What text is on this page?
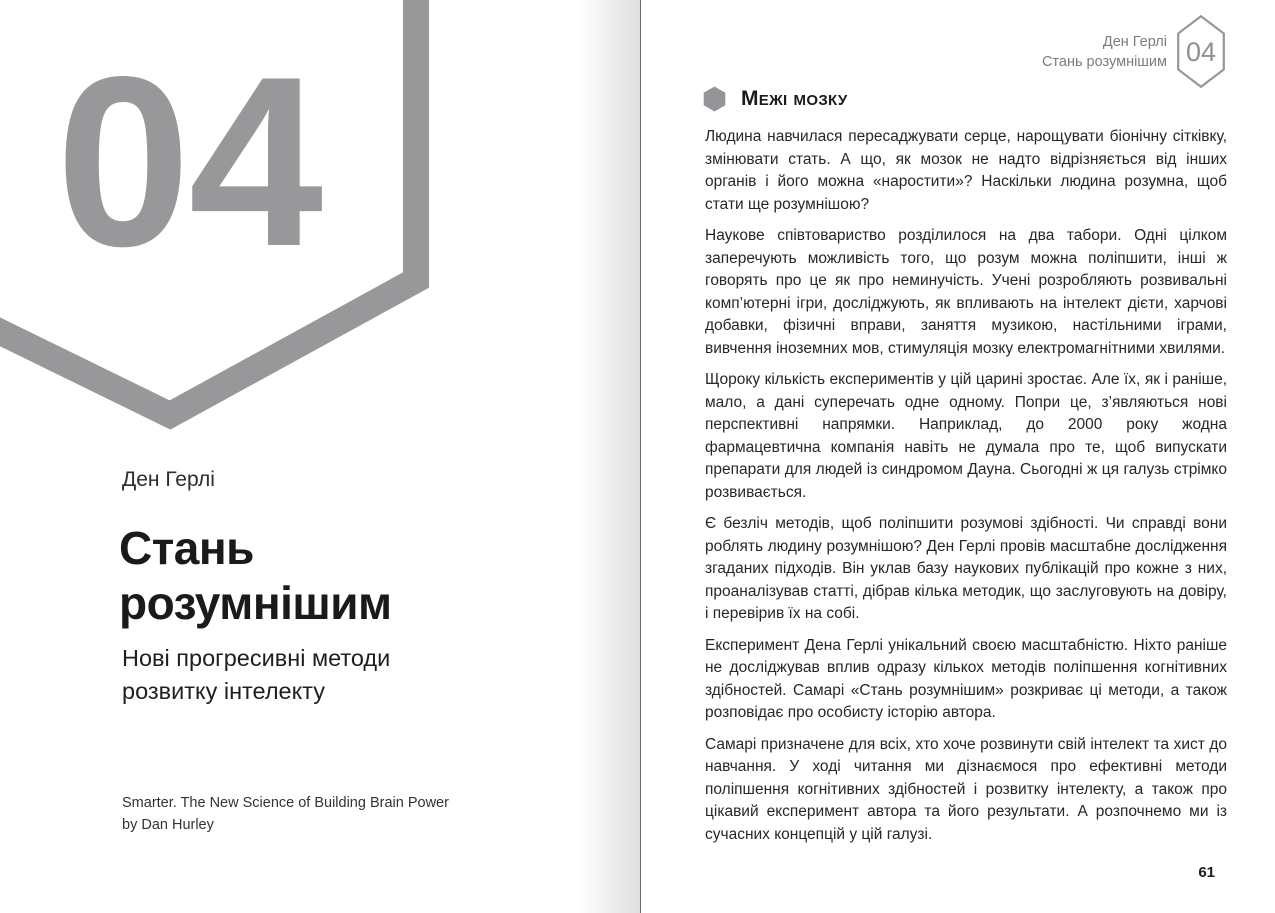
04
Ден Герлі
Стань
розумнішим
Нові прогресивні методи
розвитку інтелекту
Smarter. The New Science of Building Brain Power
by Dan Hurley
Ден Герлі
Стань розумнішим 04
Межі мозку

Людина навчилася пересаджувати серце, нарощувати біонічну сітківку, змінювати стать. А що, як мозок не надто відрізняється від інших органів і його можна «наростити»? Наскільки людина розумна, щоб стати ще розумнішою?

Наукове співтовариство розділилося на два табори. Одні цілком заперечують можливість того, що розум можна поліпшити, інші ж говорять про це як про неминучість. Учені розробляють розвивальні комп’ютерні ігри, досліджують, як впливають на інтелект дієти, харчові добавки, фізичні вправи, заняття музикою, настільними іграми, вивчення іноземних мов, стимуляція мозку електромагнітними хвилями.

Щороку кількість експериментів у цій царині зростає. Але їх, як і раніше, мало, а дані суперечать одне одному. Попри це, з’являються нові перспективні напрямки. Наприклад, до 2000 року жодна фармацевтична компанія навіть не думала про те, щоб випускати препарати для людей із синдромом Дауна. Сьогодні ж ця галузь стрімко розвивається.

Є безліч методів, щоб поліпшити розумові здібності. Чи справді вони роблять людину розумнішою? Ден Герлі провів масштабне дослідження згаданих підходів. Він уклав базу наукових публікацій про кожне з них, проаналізував статті, дібрав кілька методик, що заслуговують на довіру, і перевірив їх на собі.

Експеримент Дена Герлі унікальний своєю масштабністю. Ніхто раніше не досліджував вплив одразу кількох методів поліпшення когнітивних здібностей. Самарі «Стань розумнішим» розкриває ці методи, а також розповідає про особисту історію автора.

Самарі призначене для всіх, хто хоче розвинути свій інтелект та хист до навчання. У ході читання ми дізнаємося про ефективні методи поліпшення когнітивних здібностей і розвитку інтелекту, а також про цікавий експеримент автора та його результати. А розпочнемо ми із сучасних концепцій у цій галузі.

61
